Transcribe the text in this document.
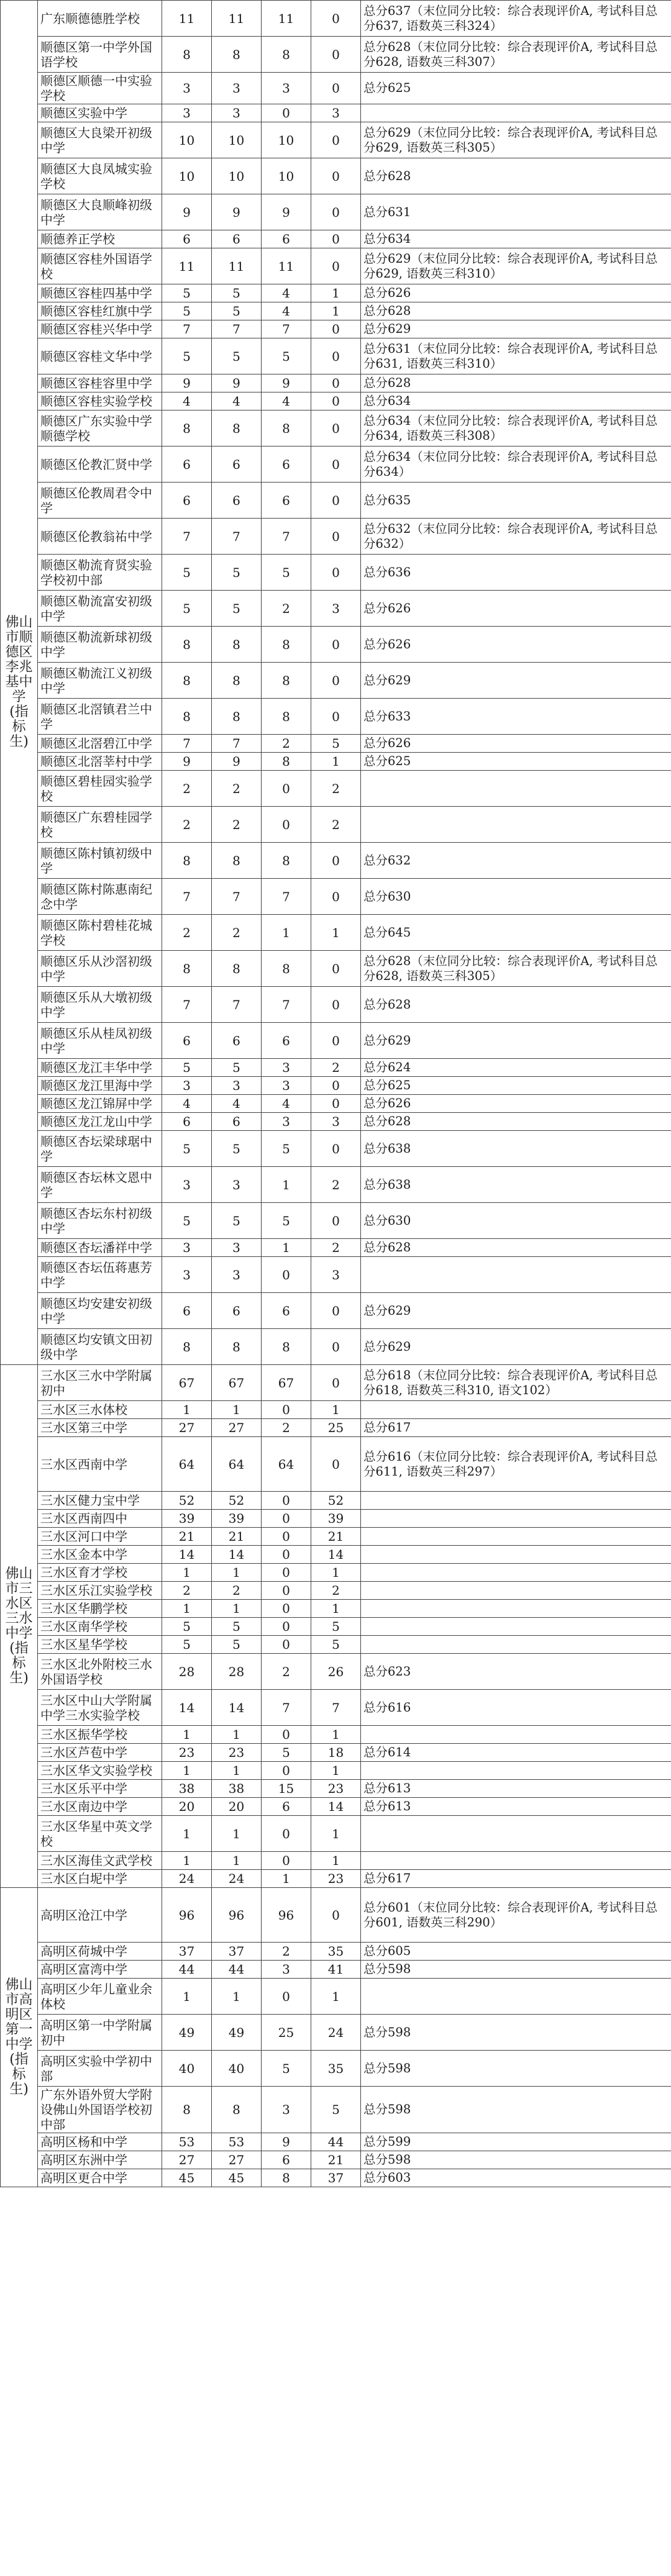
佛山市顺德区李兆基中学(指标生)	广东顺德德胜学校	11	11	11	0	总分637（末位同分比较：综合表现评价A, 考试科目总分637, 语数英三科324）
	顺德区第一中学外国语学校	8	8	8	0	总分628（末位同分比较：综合表现评价A, 考试科目总分628, 语数英三科307）
	顺德区顺德一中实验学校	3	3	3	0	总分625
	顺德区实验中学	3	3	0	3	
	顺德区大良梁开初级中学	10	10	10	0	总分629（末位同分比较：综合表现评价A, 考试科目总分629, 语数英三科305）
	顺德区大良凤城实验学校	10	10	10	0	总分628
	顺德区大良顺峰初级中学	9	9	9	0	总分631
	顺德养正学校	6	6	6	0	总分634
	顺德区容桂外国语学校	11	11	11	0	总分629（末位同分比较：综合表现评价A, 考试科目总分629, 语数英三科310）
	顺德区容桂四基中学	5	5	4	1	总分626
	顺德区容桂红旗中学	5	5	4	1	总分628
	顺德区容桂兴华中学	7	7	7	0	总分629
	顺德区容桂文华中学	5	5	5	0	总分631（末位同分比较：综合表现评价A, 考试科目总分631, 语数英三科310）
	顺德区容桂容里中学	9	9	9	0	总分628
	顺德区容桂实验学校	4	4	4	0	总分634
	顺德区广东实验中学顺德学校	8	8	8	0	总分634（末位同分比较：综合表现评价A, 考试科目总分634, 语数英三科308）
	顺德区伦教汇贤中学	6	6	6	0	总分634（末位同分比较：综合表现评价A, 考试科目总分634）
	顺德区伦教周君令中学	6	6	6	0	总分635
	顺德区伦教翁祐中学	7	7	7	0	总分632（末位同分比较：综合表现评价A, 考试科目总分632）
	顺德区勒流育贤实验学校初中部	5	5	5	0	总分636
	顺德区勒流富安初级中学	5	5	2	3	总分626
	顺德区勒流新球初级中学	8	8	8	0	总分626
	顺德区勒流江义初级中学	8	8	8	0	总分629
	顺德区北滘镇君兰中学	8	8	8	0	总分633
	顺德区北滘碧江中学	7	7	2	5	总分626
	顺德区北滘莘村中学	9	9	8	1	总分625
	顺德区碧桂园实验学校	2	2	0	2	
	顺德区广东碧桂园学校	2	2	0	2	
	顺德区陈村镇初级中学	8	8	8	0	总分632
	顺德区陈村陈惠南纪念中学	7	7	7	0	总分630
	顺德区陈村碧桂花城学校	2	2	1	1	总分645
	顺德区乐从沙滘初级中学	8	8	8	0	总分628（末位同分比较：综合表现评价A, 考试科目总分628, 语数英三科305）
	顺德区乐从大墩初级中学	7	7	7	0	总分628
	顺德区乐从桂凤初级中学	6	6	6	0	总分629
	顺德区龙江丰华中学	5	5	3	2	总分624
	顺德区龙江里海中学	3	3	3	0	总分625
	顺德区龙江锦屏中学	4	4	4	0	总分626
	顺德区龙江龙山中学	6	6	3	3	总分628
	顺德区杏坛梁球琚中学	5	5	5	0	总分638
	顺德区杏坛林文恩中学	3	3	1	2	总分638
	顺德区杏坛东村初级中学	5	5	5	0	总分630
	顺德区杏坛潘祥中学	3	3	1	2	总分628
	顺德区杏坛伍蒋惠芳中学	3	3	0	3	
	顺德区均安建安初级中学	6	6	6	0	总分629
	顺德区均安镇文田初级中学	8	8	8	0	总分629
佛山市三水区三水中学(指标生)	三水区三水中学附属初中	67	67	67	0	总分618（末位同分比较：综合表现评价A, 考试科目总分618, 语数英三科310, 语文102）
	三水区三水体校	1	1	0	1	
	三水区第三中学	27	27	2	25	总分617
	三水区西南中学	64	64	64	0	总分616（末位同分比较：综合表现评价A, 考试科目总分611, 语数英三科297）
	三水区健力宝中学	52	52	0	52	
	三水区西南四中	39	39	0	39	
	三水区河口中学	21	21	0	21	
	三水区金本中学	14	14	0	14	
	三水区育才学校	1	1	0	1	
	三水区乐江实验学校	2	2	0	2	
	三水区华鹏学校	1	1	0	1	
	三水区南华学校	5	5	0	5	
	三水区星华学校	5	5	0	5	
	三水区北外附校三水外国语学校	28	28	2	26	总分623
	三水区中山大学附属中学三水实验学校	14	14	7	7	总分616
	三水区振华学校	1	1	0	1	
	三水区芦苞中学	23	23	5	18	总分614
	三水区华文实验学校	1	1	0	1	
	三水区乐平中学	38	38	15	23	总分613
	三水区南边中学	20	20	6	14	总分613
	三水区华星中英文学校	1	1	0	1	
	三水区海佳文武学校	1	1	0	1	
	三水区白坭中学	24	24	1	23	总分617
佛山市高明区第一中学(指标生)	高明区沧江中学	96	96	96	0	总分601（末位同分比较：综合表现评价A, 考试科目总分601, 语数英三科290）
	高明区荷城中学	37	37	2	35	总分605
	高明区富湾中学	44	44	3	41	总分598
	高明区少年儿童业余体校	1	1	0	1	
	高明区第一中学附属初中	49	49	25	24	总分598
	高明区实验中学初中部	40	40	5	35	总分598
	广东外语外贸大学附设佛山外国语学校初中部	8	8	3	5	总分598
	高明区杨和中学	53	53	9	44	总分599
	高明区东洲中学	27	27	6	21	总分598
	高明区更合中学	45	45	8	37	总分603
